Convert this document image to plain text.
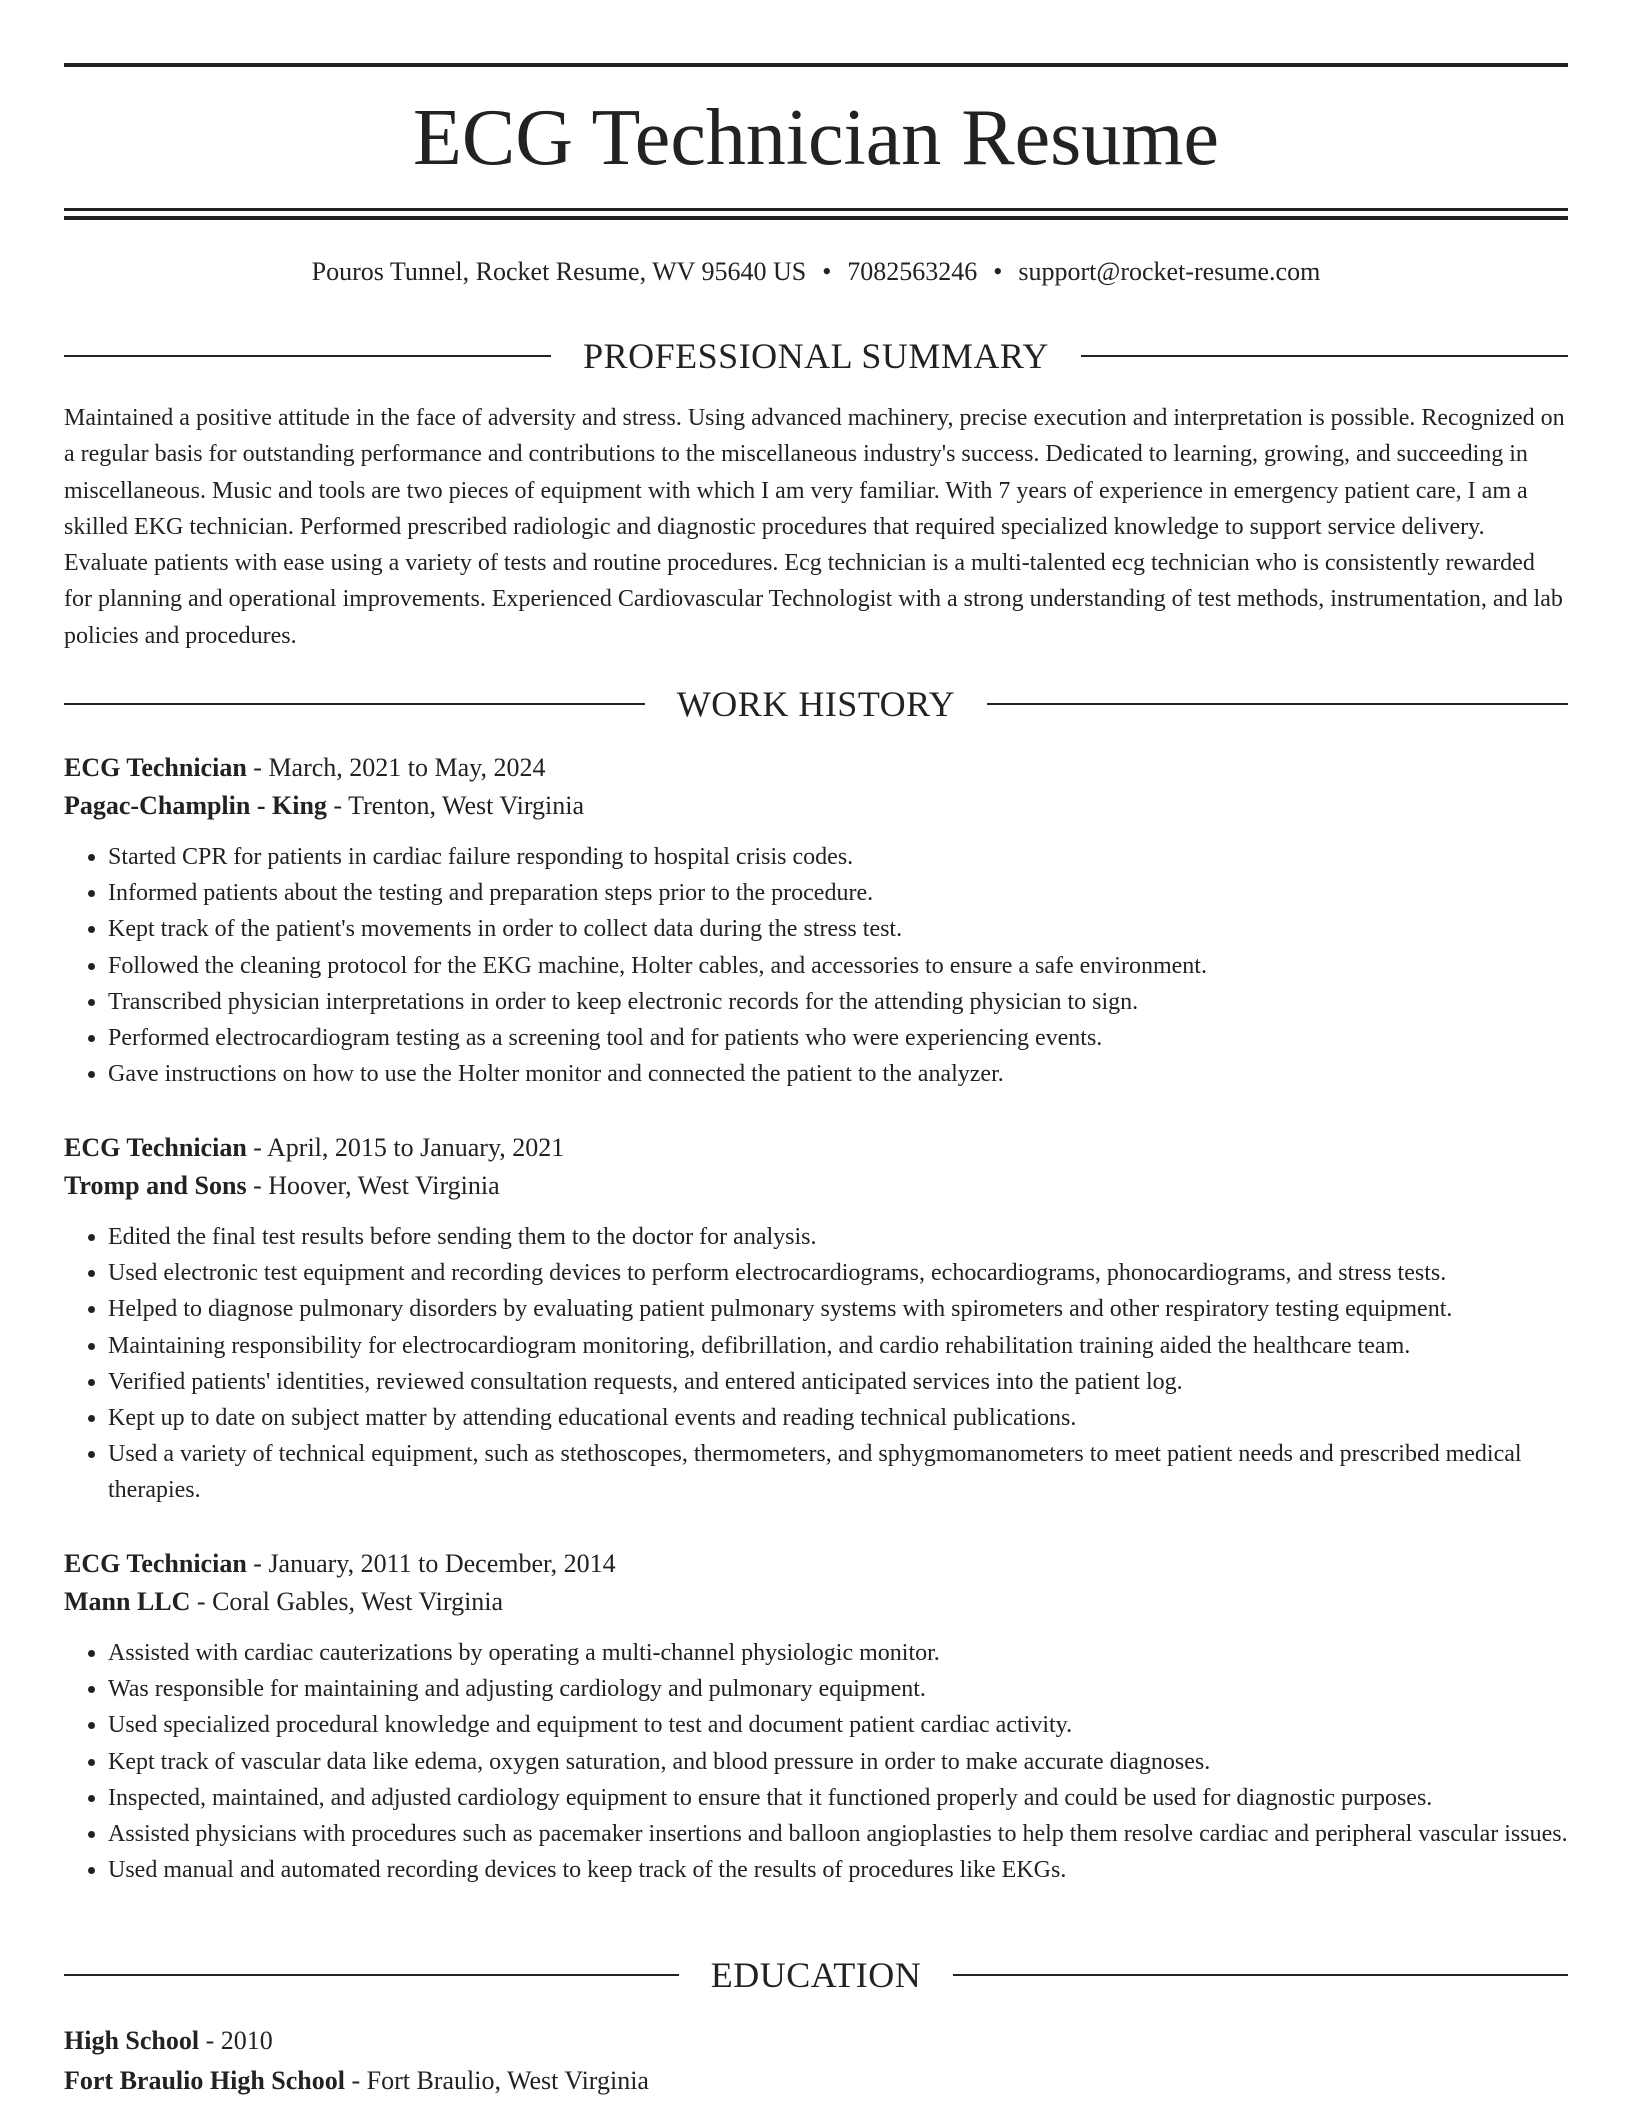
ECG Technician Resume
Pouros Tunnel, Rocket Resume, WV 95640 US • 7082563246 • support@rocket-resume.com
PROFESSIONAL SUMMARY

Maintained a positive attitude in the face of adversity and stress. Using advanced machinery, precise execution and interpretation is possible. Recognized on a regular basis for outstanding performance and contributions to the miscellaneous industry's success. Dedicated to learning, growing, and succeeding in miscellaneous. Music and tools are two pieces of equipment with which I am very familiar. With 7 years of experience in emergency patient care, I am a skilled EKG technician. Performed prescribed radiologic and diagnostic procedures that required specialized knowledge to support service delivery. Evaluate patients with ease using a variety of tests and routine procedures. Ecg technician is a multi-talented ecg technician who is consistently rewarded for planning and operational improvements. Experienced Cardiovascular Technologist with a strong understanding of test methods, instrumentation, and lab policies and procedures.

WORK HISTORY
ECG Technician - March, 2021 to May, 2024
Pagac-Champlin - King - Trenton, West Virginia
• Started CPR for patients in cardiac failure responding to hospital crisis codes.
• Informed patients about the testing and preparation steps prior to the procedure.
• Kept track of the patient's movements in order to collect data during the stress test.
• Followed the cleaning protocol for the EKG machine, Holter cables, and accessories to ensure a safe environment.
• Transcribed physician interpretations in order to keep electronic records for the attending physician to sign.
• Performed electrocardiogram testing as a screening tool and for patients who were experiencing events.
• Gave instructions on how to use the Holter monitor and connected the patient to the analyzer.
ECG Technician - April, 2015 to January, 2021
Tromp and Sons - Hoover, West Virginia
• Edited the final test results before sending them to the doctor for analysis.
• Used electronic test equipment and recording devices to perform electrocardiograms, echocardiograms, phonocardiograms, and stress tests.
• Helped to diagnose pulmonary disorders by evaluating patient pulmonary systems with spirometers and other respiratory testing equipment.
• Maintaining responsibility for electrocardiogram monitoring, defibrillation, and cardio rehabilitation training aided the healthcare team.
• Verified patients' identities, reviewed consultation requests, and entered anticipated services into the patient log.
• Kept up to date on subject matter by attending educational events and reading technical publications.
• Used a variety of technical equipment, such as stethoscopes, thermometers, and sphygmomanometers to meet patient needs and prescribed medical therapies.
ECG Technician - January, 2011 to December, 2014
Mann LLC - Coral Gables, West Virginia
• Assisted with cardiac cauterizations by operating a multi-channel physiologic monitor.
• Was responsible for maintaining and adjusting cardiology and pulmonary equipment.
• Used specialized procedural knowledge and equipment to test and document patient cardiac activity.
• Kept track of vascular data like edema, oxygen saturation, and blood pressure in order to make accurate diagnoses.
• Inspected, maintained, and adjusted cardiology equipment to ensure that it functioned properly and could be used for diagnostic purposes.
• Assisted physicians with procedures such as pacemaker insertions and balloon angioplasties to help them resolve cardiac and peripheral vascular issues.
• Used manual and automated recording devices to keep track of the results of procedures like EKGs.
EDUCATION
High School - 2010
Fort Braulio High School - Fort Braulio, West Virginia
